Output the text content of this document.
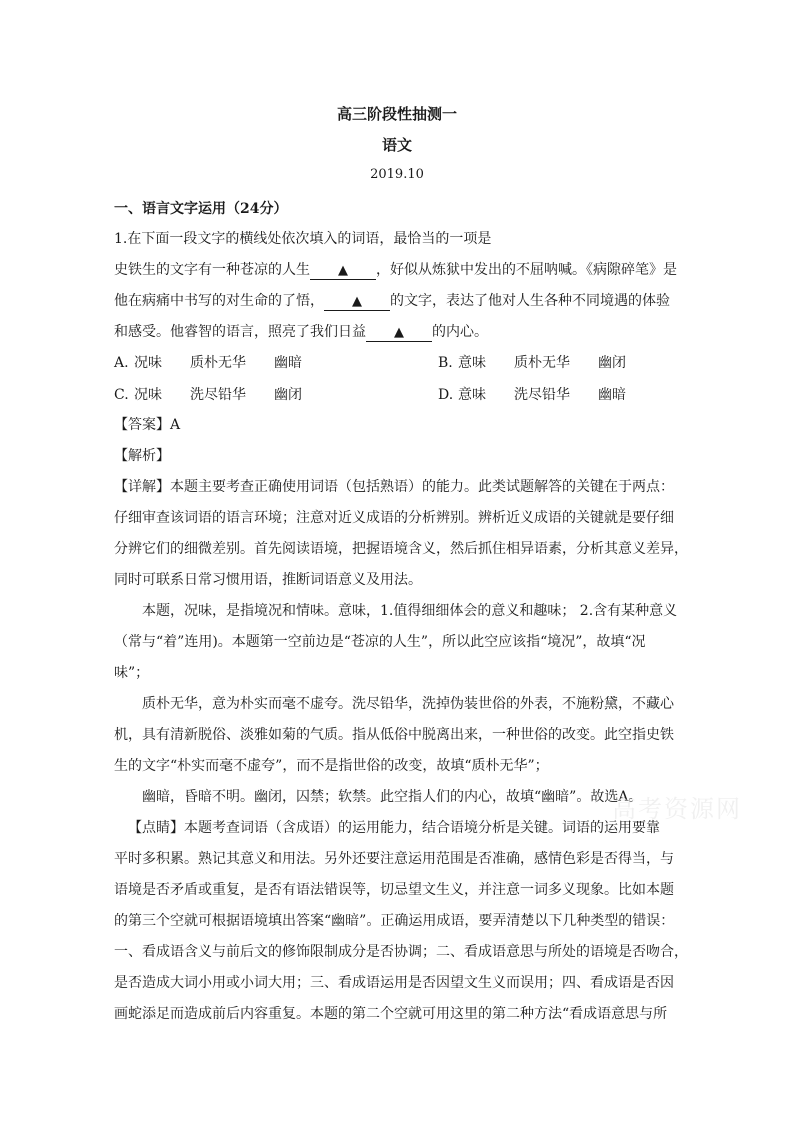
高三阶段性抽测一
语文
2019.10
一、语言文字运用（24分）
1.在下面一段文字的横线处依次填入的词语，最恰当的一项是
史铁生的文字有一种苍凉的人生 ▲ ，好似从炼狱中发出的不屈呐喊。《病隙碎笔》是
他在病痛中书写的对生命的了悟， ▲ 的文字，表达了他对人生各种不同境遇的体验
和感受。他睿智的语言，照亮了我们日益 ▲ 的内心。
A. 况味 质朴无华 幽暗	B. 意味 质朴无华 幽闭
C. 况味 洗尽铅华 幽闭	D. 意味 洗尽铅华 幽暗
【答案】A
【解析】
【详解】本题主要考查正确使用词语（包括熟语）的能力。此类试题解答的关键在于两点：
仔细审查该词语的语言环境；注意对近义成语的分析辨别。辨析近义成语的关键就是要仔细
分辨它们的细微差别。首先阅读语境，把握语境含义，然后抓住相异语素，分析其意义差异，
同时可联系日常习惯用语，推断词语意义及用法。
本题，况味，是指境况和情味。意味，1.值得细细体会的意义和趣味； 2.含有某种意义
（常与“着”连用)。本题第一空前边是“苍凉的人生”，所以此空应该指“境况”，故填“况
味”；
质朴无华，意为朴实而毫不虚夸。洗尽铅华，洗掉伪装世俗的外表，不施粉黛，不藏心
机，具有清新脱俗、淡雅如菊的气质。指从低俗中脱离出来，一种世俗的改变。此空指史铁
生的文字“朴实而毫不虚夸”，而不是指世俗的改变，故填“质朴无华”；
幽暗，昏暗不明。幽闭，囚禁；软禁。此空指人们的内心，故填“幽暗”。故选A。
【点睛】本题考查词语（含成语）的运用能力，结合语境分析是关键。词语的运用要靠
平时多积累。熟记其意义和用法。另外还要注意运用范围是否准确，感情色彩是否得当，与
语境是否矛盾或重复，是否有语法错误等，切忌望文生义，并注意一词多义现象。比如本题
的第三个空就可根据语境填出答案“幽暗”。正确运用成语，要弄清楚以下几种类型的错误：
一、看成语含义与前后文的修饰限制成分是否协调；二、看成语意思与所处的语境是否吻合，
是否造成大词小用或小词大用；三、看成语运用是否因望文生义而误用；四、看成语是否因
画蛇添足而造成前后内容重复。本题的第二个空就可用这里的第二种方法“看成语意思与所
高考资源网
